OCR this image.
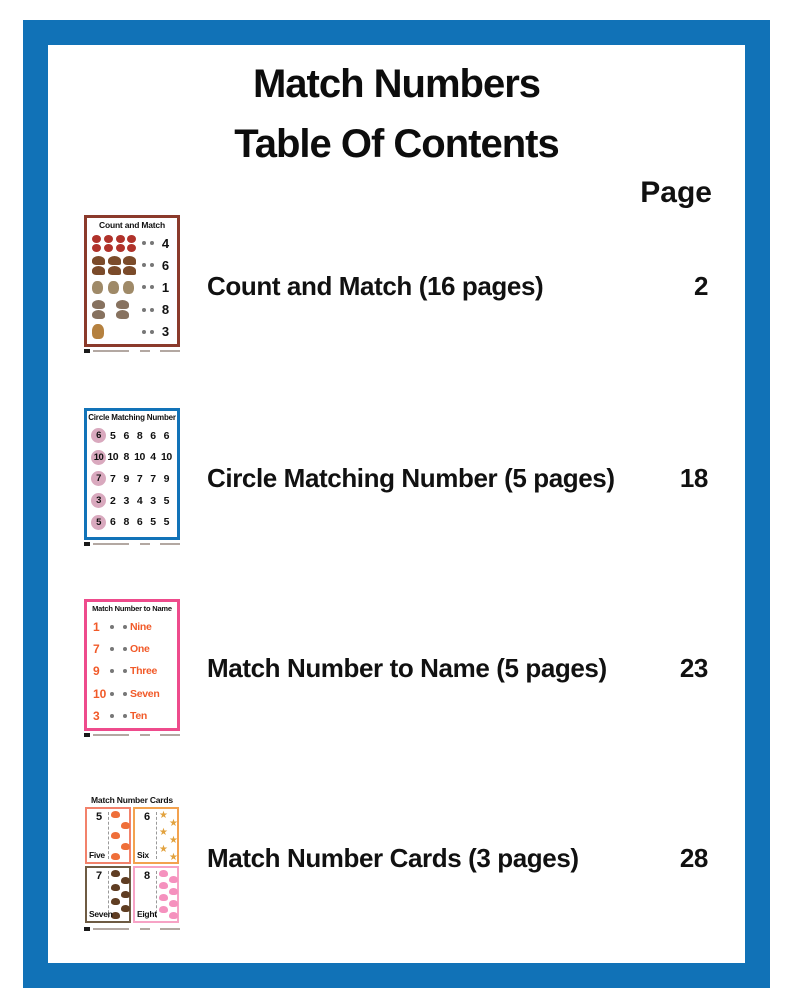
Match Numbers
Table Of Contents
Page
Count and Match
4
6
1
8
3
Circle Matching Number
6 5 6 8 6 6
10 10 8 10 4 10
7 7 9 7 7 9
3 2 3 4 3 5
5 6 8 6 5 5
Match Number to Name
1	Nine
7	One
9	Three
10	Seven
3	Ten
Match Number Cards
5
Five
6 ★
★
★
★
★
★
Six
7
Seven
8
Eight
Count and Match (16 pages)	2
Circle Matching Number (5 pages)	18
Match Number to Name (5 pages)	23
Match Number Cards (3 pages)	28
